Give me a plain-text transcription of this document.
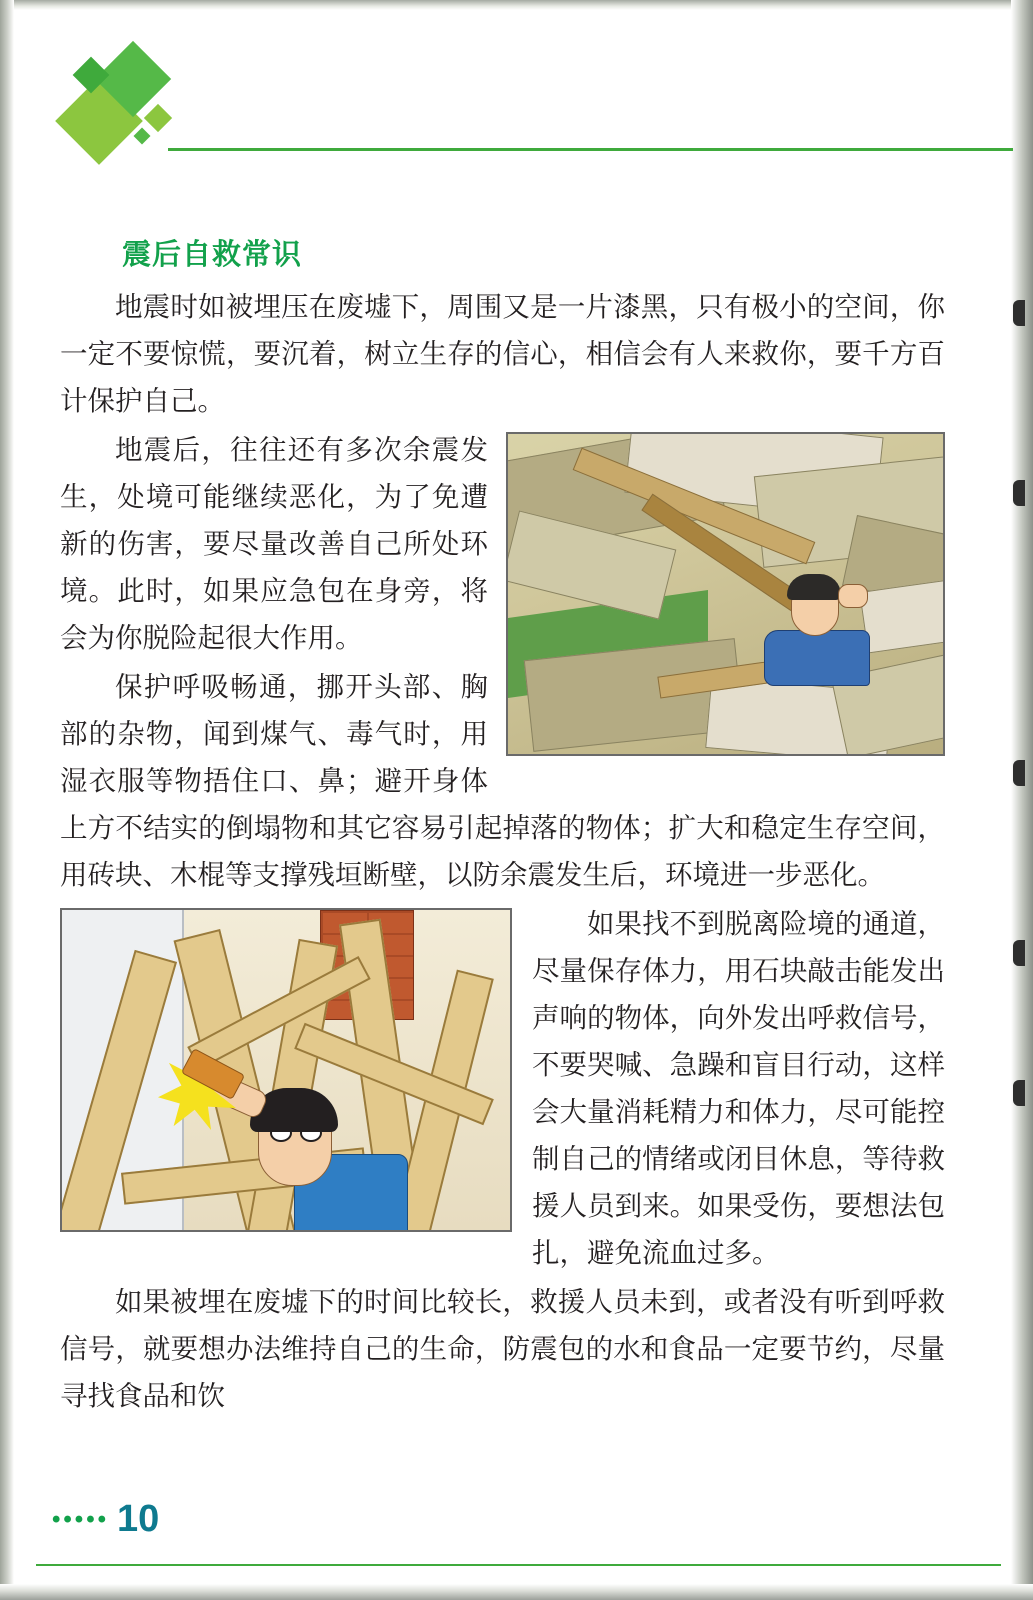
震后自救常识

地震时如被埋压在废墟下，周围又是一片漆黑，只有极小的空间，你一定不要惊慌，要沉着，树立生存的信心，相信会有人来救你，要千方百计保护自己。

地震后，往往还有多次余震发生，处境可能继续恶化，为了免遭新的伤害，要尽量改善自己所处环境。此时，如果应急包在身旁，将会为你脱险起很大作用。

保护呼吸畅通，挪开头部、胸部的杂物，闻到煤气、毒气时，用湿衣服等物捂住口、鼻；避开身体上方不结实的倒塌物和其它容易引起掉落的物体；扩大和稳定生存空间，用砖块、木棍等支撑残垣断壁，以防余震发生后，环境进一步恶化。

如果找不到脱离险境的通道，尽量保存体力，用石块敲击能发出声响的物体，向外发出呼救信号，不要哭喊、急躁和盲目行动，这样会大量消耗精力和体力，尽可能控制自己的情绪或闭目休息，等待救援人员到来。如果受伤，要想法包扎，避免流血过多。

如果被埋在废墟下的时间比较长，救援人员未到，或者没有听到呼救信号，就要想办法维持自己的生命，防震包的水和食品一定要节约，尽量寻找食品和饮

••••• 10
